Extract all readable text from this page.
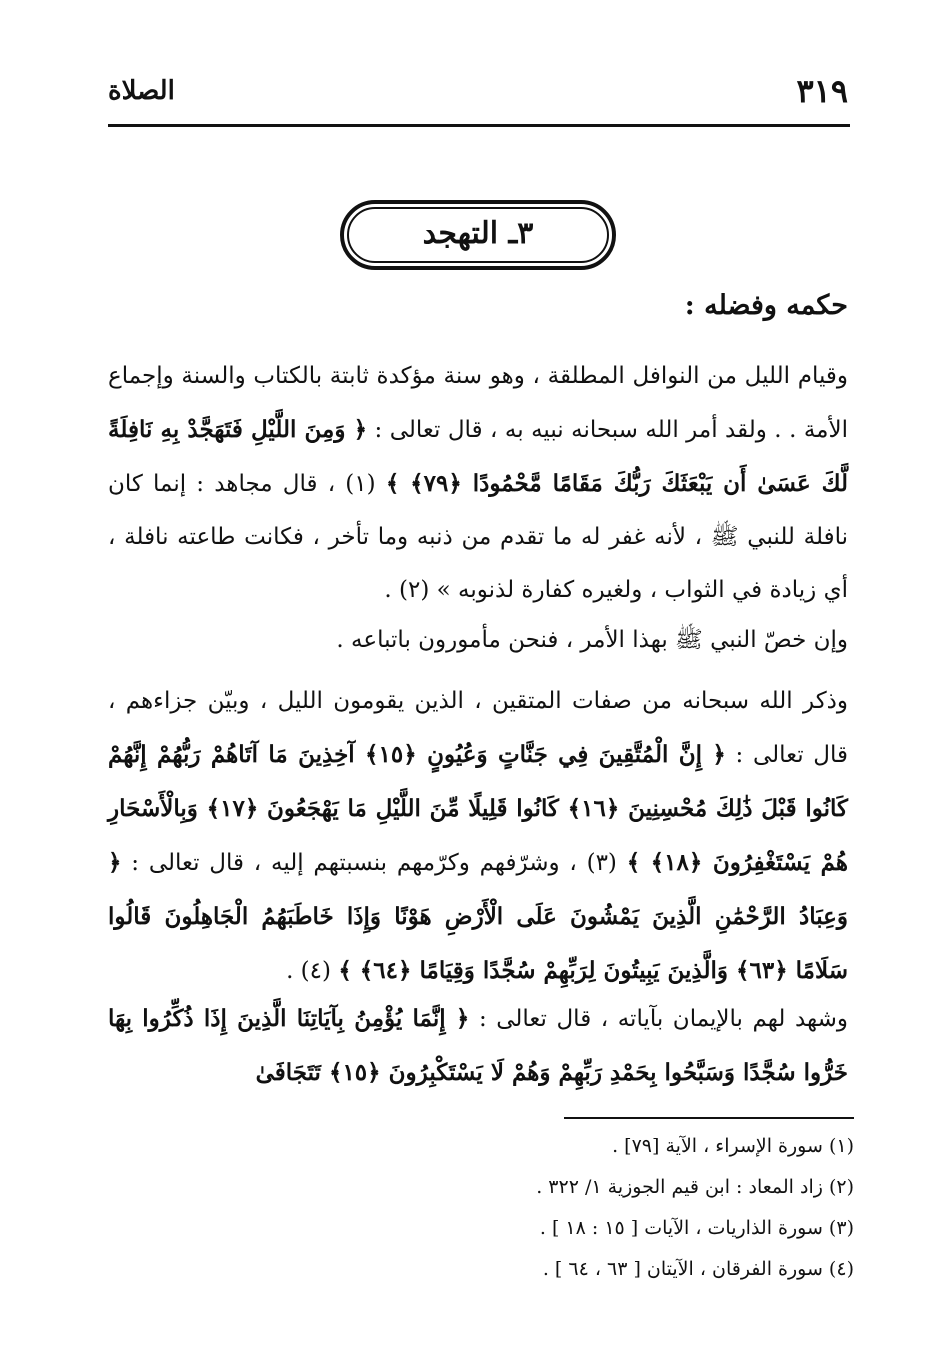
٣١٩
الصلاة
٣ـ التهجد
حكمه وفضله :
وقيام الليل من النوافل المطلقة ، وهو سنة مؤكدة ثابتة بالكتاب والسنة وإجماع الأمة . . ولقد أمر الله سبحانه نبيه به ، قال تعالى : ﴿ وَمِنَ اللَّيْلِ فَتَهَجَّدْ بِهِ نَافِلَةً لَّكَ عَسَىٰ أَن يَبْعَثَكَ رَبُّكَ مَقَامًا مَّحْمُودًا ﴿٧٩﴾ ﴾ (١) ، قال مجاهد : إنما كان نافلة للنبي ﷺ ، لأنه غفر له ما تقدم من ذنبه وما تأخر ، فكانت طاعته نافلة ، أي زيادة في الثواب ، ولغيره كفارة لذنوبه » (٢) .
وإن خصّ النبي ﷺ بهذا الأمر ، فنحن مأمورون باتباعه .
وذكر الله سبحانه من صفات المتقين ، الذين يقومون الليل ، وبيّن جزاءهم ، قال تعالى : ﴿ إِنَّ الْمُتَّقِينَ فِي جَنَّاتٍ وَعُيُونٍ ﴿١٥﴾ آخِذِينَ مَا آتَاهُمْ رَبُّهُمْ إِنَّهُمْ كَانُوا قَبْلَ ذَٰلِكَ مُحْسِنِينَ ﴿١٦﴾ كَانُوا قَلِيلًا مِّنَ اللَّيْلِ مَا يَهْجَعُونَ ﴿١٧﴾ وَبِالْأَسْحَارِ هُمْ يَسْتَغْفِرُونَ ﴿١٨﴾ ﴾ (٣) ، وشرّفهم وكرّمهم بنسبتهم إليه ، قال تعالى : ﴿ وَعِبَادُ الرَّحْمَٰنِ الَّذِينَ يَمْشُونَ عَلَى الْأَرْضِ هَوْنًا وَإِذَا خَاطَبَهُمُ الْجَاهِلُونَ قَالُوا سَلَامًا ﴿٦٣﴾ وَالَّذِينَ يَبِيتُونَ لِرَبِّهِمْ سُجَّدًا وَقِيَامًا ﴿٦٤﴾ ﴾ (٤) .
وشهد لهم بالإيمان بآياته ، قال تعالى : ﴿ إِنَّمَا يُؤْمِنُ بِآيَاتِنَا الَّذِينَ إِذَا ذُكِّرُوا بِهَا خَرُّوا سُجَّدًا وَسَبَّحُوا بِحَمْدِ رَبِّهِمْ وَهُمْ لَا يَسْتَكْبِرُونَ ﴿١٥﴾ تَتَجَافَىٰ
(١) سورة الإسراء ، الآية [٧٩] .
(٢) زاد المعاد : ابن قيم الجوزية ١/ ٣٢٢ .
(٣) سورة الذاريات ، الآيات [ ١٥ : ١٨ ] .
(٤) سورة الفرقان ، الآيتان [ ٦٣ ، ٦٤ ] .
